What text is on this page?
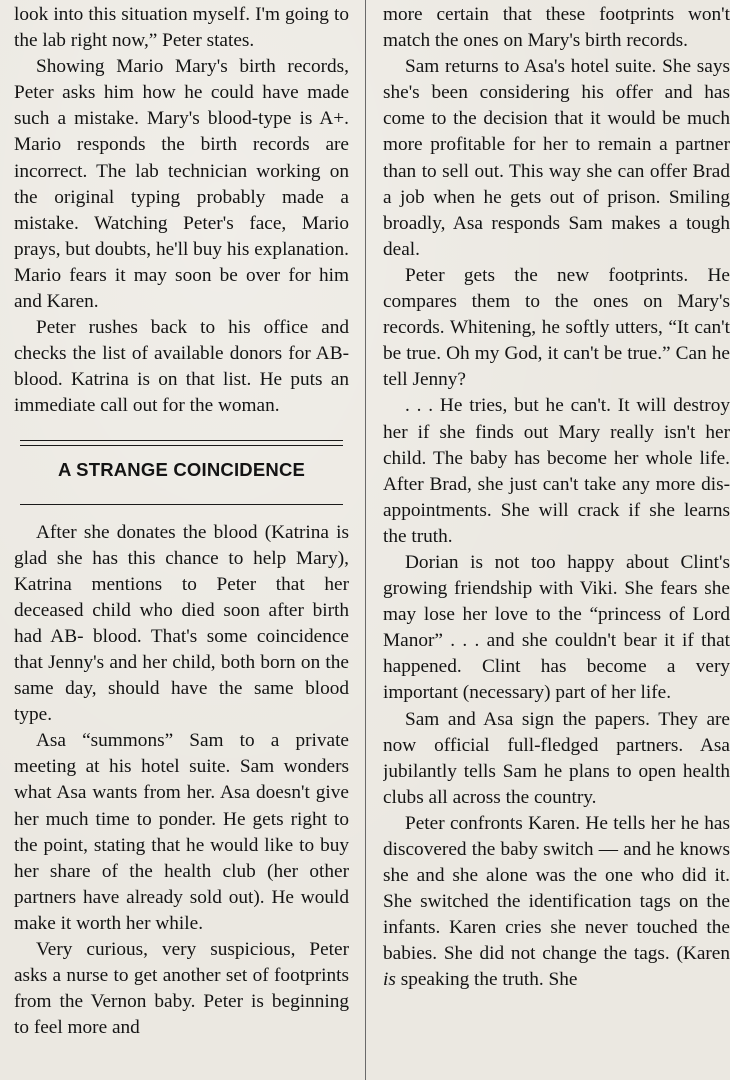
look into this situation myself. I'm going to the lab right now,” Peter states.

Showing Mario Mary's birth records, Peter asks him how he could have made such a mistake. Mary's blood-type is A+. Mario responds the birth records are incorrect. The lab technician working on the original typing probably made a mistake. Watching Peter's face, Mario prays, but doubts, he'll buy his explanation. Mario fears it may soon be over for him and Karen.

Peter rushes back to his office and checks the list of available donors for AB- blood. Katrina is on that list. He puts an immediate call out for the woman.

A STRANGE COINCIDENCE

After she donates the blood (Katrina is glad she has this chance to help Mary), Katrina mentions to Peter that her deceased child who died soon after birth had AB- blood. That's some coincidence that Jenny's and her child, both born on the same day, should have the same blood type.

Asa “summons” Sam to a private meeting at his hotel suite. Sam wonders what Asa wants from her. Asa doesn't give her much time to ponder. He gets right to the point, stating that he would like to buy her share of the health club (her other partners have already sold out). He would make it worth her while.

Very curious, very suspicious, Peter asks a nurse to get another set of footprints from the Vernon baby. Peter is beginning to feel more and

more certain that these footprints won't match the ones on Mary's birth records.

Sam returns to Asa's hotel suite. She says she's been considering his offer and has come to the decision that it would be much more profitable for her to remain a partner than to sell out. This way she can offer Brad a job when he gets out of prison. Smiling broadly, Asa responds Sam makes a tough deal.

Peter gets the new footprints. He compares them to the ones on Mary's records. Whitening, he softly utters, “It can't be true. Oh my God, it can't be true.” Can he tell Jenny?

. . . He tries, but he can't. It will destroy her if she finds out Mary really isn't her child. The baby has become her whole life. After Brad, she just can't take any more disappointments. She will crack if she learns the truth.

Dorian is not too happy about Clint's growing friendship with Viki. She fears she may lose her love to the “princess of Lord Manor” . . . and she couldn't bear it if that happened. Clint has become a very important (necessary) part of her life.

Sam and Asa sign the papers. They are now official full-fledged partners. Asa jubilantly tells Sam he plans to open health clubs all across the country.

Peter confronts Karen. He tells her he has discovered the baby switch — and he knows she and she alone was the one who did it. She switched the identification tags on the infants. Karen cries she never touched the babies. She did not change the tags. (Karen is speaking the truth. She
